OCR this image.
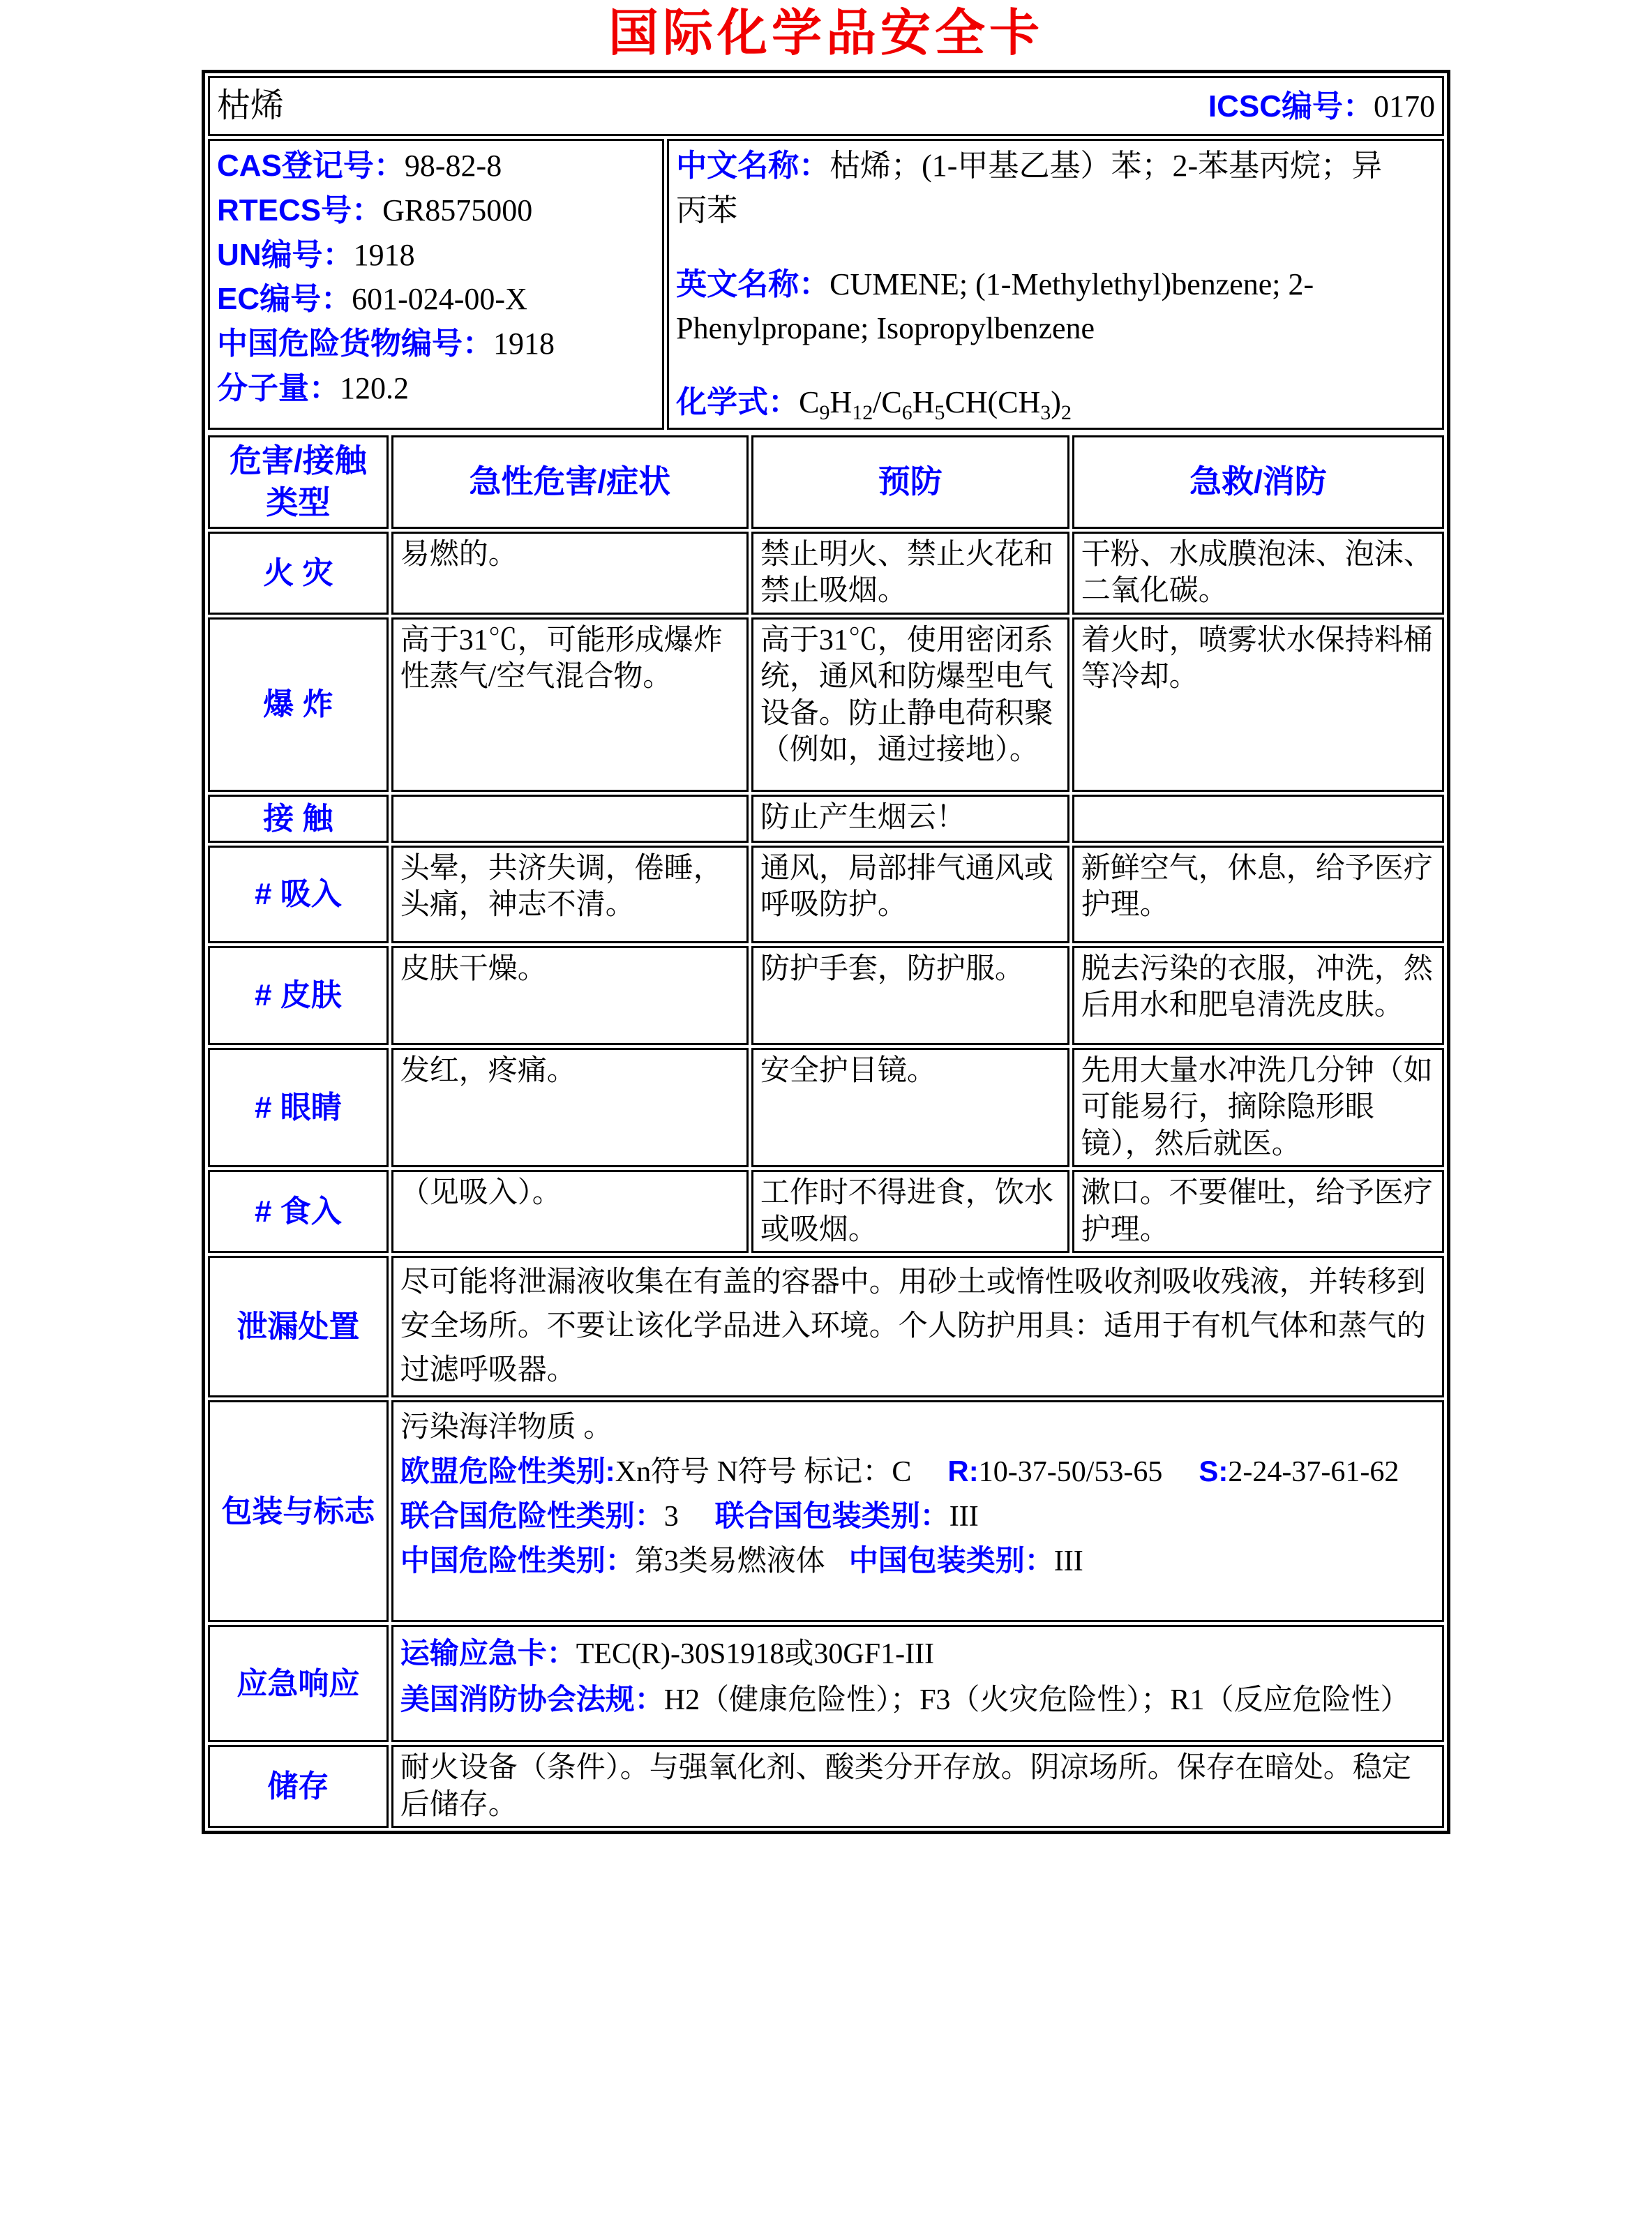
国际化学品安全卡
枯烯	ICSC编号：0170

CAS登记号：98-82-8
RTECS号：GR8575000
UN编号：1918
EC编号：601-024-00-X
中国危险货物编号：1918
分子量：120.2

中文名称：枯烯；(1-甲基乙基）苯；2-苯基丙烷；异丙苯
英文名称：CUMENE; (1-Methylethyl)benzene; 2-Phenylpropane; Isopropylbenzene
化学式：$C_9H_{12}/C_6H_5CH(CH_3)_2$
危害/接触类型	急性危害/症状	预防	急救/消防
火 灾	易燃的。	禁止明火、禁止火花和禁止吸烟。	干粉、水成膜泡沫、泡沫、二氧化碳。
爆 炸	高于31℃，可能形成爆炸性蒸气/空气混合物。	高于31℃，使用密闭系统，通风和防爆型电气设备。防止静电荷积聚（例如，通过接地）。	着火时，喷雾状水保持料桶等冷却。
接 触		防止产生烟云！	
# 吸入	头晕，共济失调，倦睡，头痛，神志不清。	通风，局部排气通风或呼吸防护。	新鲜空气，休息，给予医疗护理。
# 皮肤	皮肤干燥。	防护手套，防护服。	脱去污染的衣服，冲洗，然后用水和肥皂清洗皮肤。
# 眼睛	发红，疼痛。	安全护目镜。	先用大量水冲洗几分钟（如可能易行，摘除隐形眼镜），然后就医。
# 食入	（见吸入）。	工作时不得进食，饮水或吸烟。	漱口。不要催吐，给予医疗护理。
泄漏处置	尽可能将泄漏液收集在有盖的容器中。用砂土或惰性吸收剂吸收残液，并转移到安全场所。不要让该化学品进入环境。个人防护用具：适用于有机气体和蒸气的过滤呼吸器。		
包装与标志	污染海洋物质 。
欧盟危险性类别:Xn符号 N符号 标记：C R:10-37-50/53-65 S:2-24-37-61-62
联合国危险性类别：3 联合国包装类别：III
中国危险性类别：第3类易燃液体 中国包装类别：III		

应急响应	运输应急卡：TEC(R)-30S1918或30GF1-III
美国消防协会法规：H2（健康危险性）；F3（火灾危险性）；R1（反应危险性）		

储存	耐火设备（条件）。与强氧化剂、酸类分开存放。阴凉场所。保存在暗处。稳定后储存。		
